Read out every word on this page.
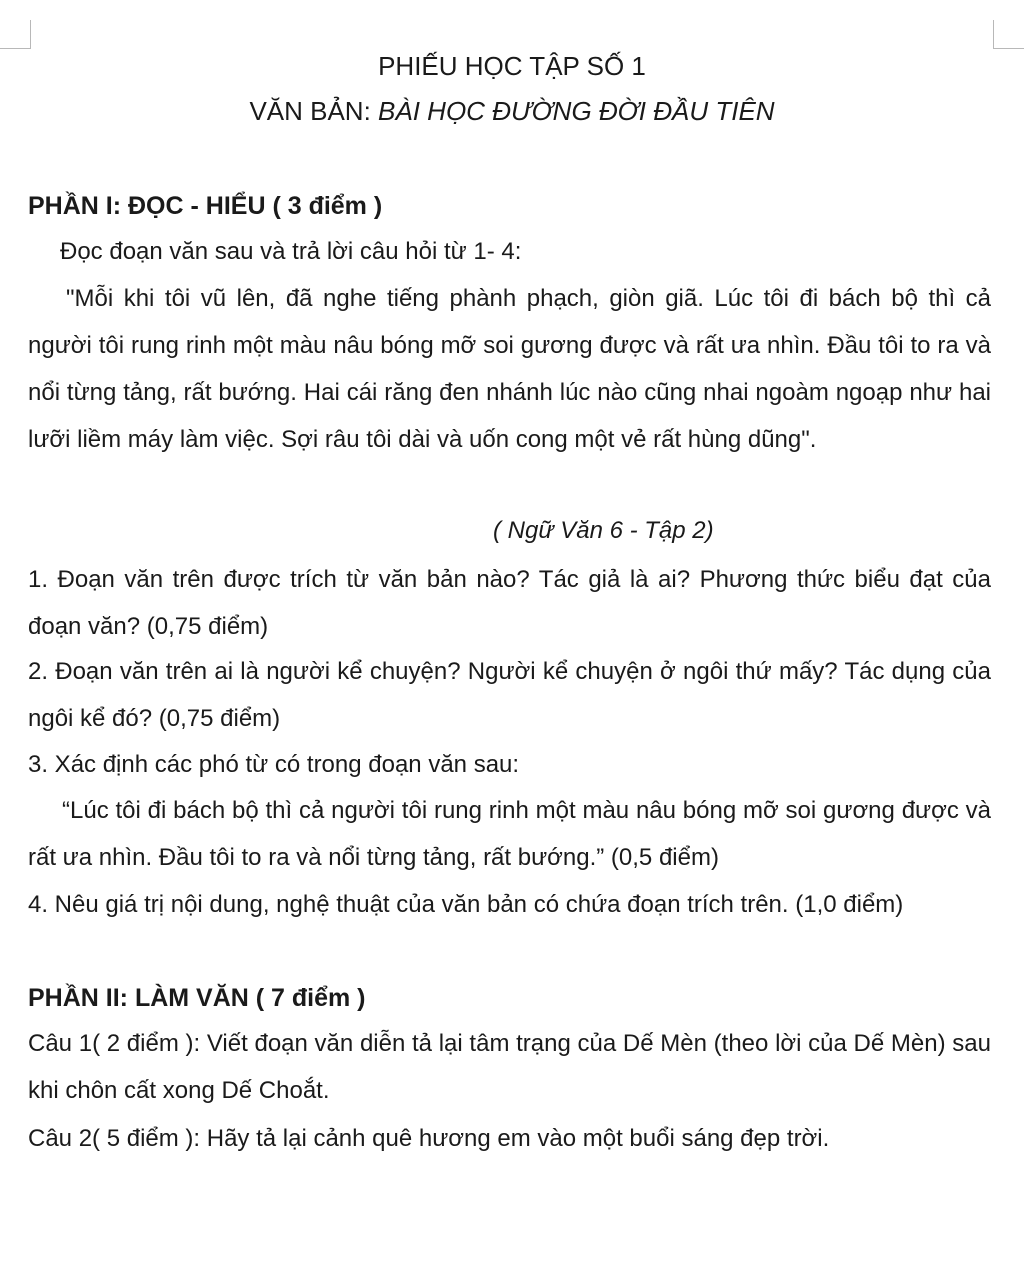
PHIẾU HỌC TẬP SỐ 1
VĂN BẢN: BÀI HỌC ĐƯỜNG ĐỜI ĐẦU TIÊN
PHẦN I: ĐỌC - HIỂU ( 3 điểm )
Đọc đoạn văn sau và trả lời câu hỏi từ 1- 4:
"Mỗi khi tôi vũ lên, đã nghe tiếng phành phạch, giòn giã. Lúc tôi đi bách bộ thì cả người tôi rung rinh một màu nâu bóng mỡ soi gương được và rất ưa nhìn. Đầu tôi to ra và nổi từng tảng, rất bướng. Hai cái răng đen nhánh lúc nào cũng nhai ngoàm ngoạp như hai lưỡi liềm máy làm việc. Sợi râu tôi dài và uốn cong một vẻ rất hùng dũng".
( Ngữ Văn 6 - Tập 2)
1. Đoạn văn trên được trích từ văn bản nào? Tác giả là ai? Phương thức biểu đạt của đoạn văn? (0,75 điểm)
2. Đoạn văn trên ai là người kể chuyện? Người kể chuyện ở ngôi thứ mấy? Tác dụng của ngôi kể đó? (0,75 điểm)
3. Xác định các phó từ có trong đoạn văn sau:
“Lúc tôi đi bách bộ thì cả người tôi rung rinh một màu nâu bóng mỡ soi gương được và rất ưa nhìn. Đầu tôi to ra và nổi từng tảng, rất bướng.” (0,5 điểm)
4. Nêu giá trị nội dung, nghệ thuật của văn bản có chứa đoạn trích trên. (1,0 điểm)
PHẦN II: LÀM VĂN ( 7 điểm )
Câu 1( 2 điểm ): Viết đoạn văn diễn tả lại tâm trạng của Dế Mèn (theo lời của Dế Mèn) sau khi chôn cất xong Dế Choắt.
Câu 2( 5 điểm ): Hãy tả lại cảnh quê hương em vào một buổi sáng đẹp trời.
